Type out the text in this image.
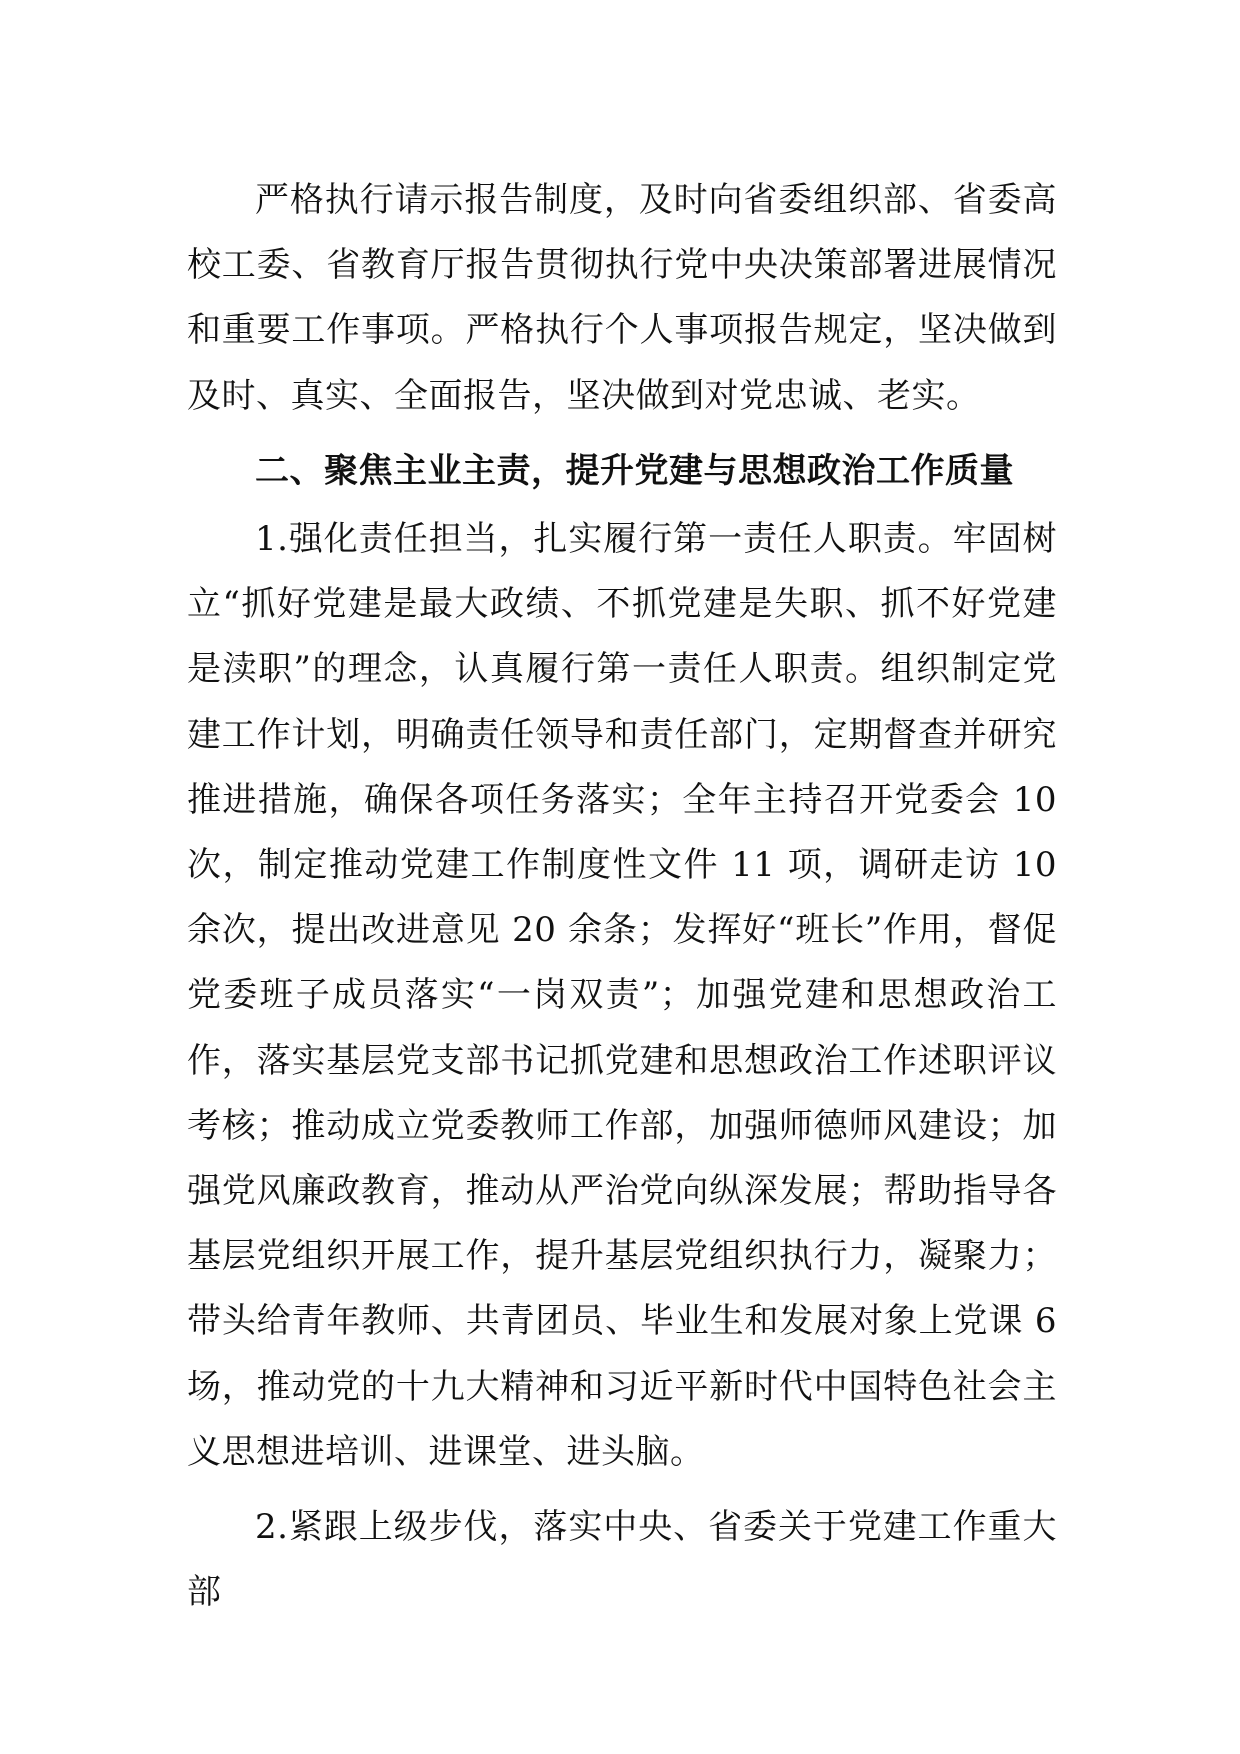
严格执行请示报告制度，及时向省委组织部、省委高校工委、省教育厅报告贯彻执行党中央决策部署进展情况和重要工作事项。严格执行个人事项报告规定，坚决做到及时、真实、全面报告，坚决做到对党忠诚、老实。

二、聚焦主业主责，提升党建与思想政治工作质量

1.强化责任担当，扎实履行第一责任人职责。牢固树立“抓好党建是最大政绩、不抓党建是失职、抓不好党建是渎职”的理念，认真履行第一责任人职责。组织制定党建工作计划，明确责任领导和责任部门，定期督查并研究推进措施，确保各项任务落实；全年主持召开党委会 10 次，制定推动党建工作制度性文件 11 项，调研走访 10 余次，提出改进意见 20 余条；发挥好“班长”作用，督促党委班子成员落实“一岗双责”；加强党建和思想政治工作，落实基层党支部书记抓党建和思想政治工作述职评议考核；推动成立党委教师工作部，加强师德师风建设；加强党风廉政教育，推动从严治党向纵深发展；帮助指导各基层党组织开展工作，提升基层党组织执行力，凝聚力；带头给青年教师、共青团员、毕业生和发展对象上党课 6 场，推动党的十九大精神和习近平新时代中国特色社会主义思想进培训、进课堂、进头脑。

2.紧跟上级步伐，落实中央、省委关于党建工作重大部
